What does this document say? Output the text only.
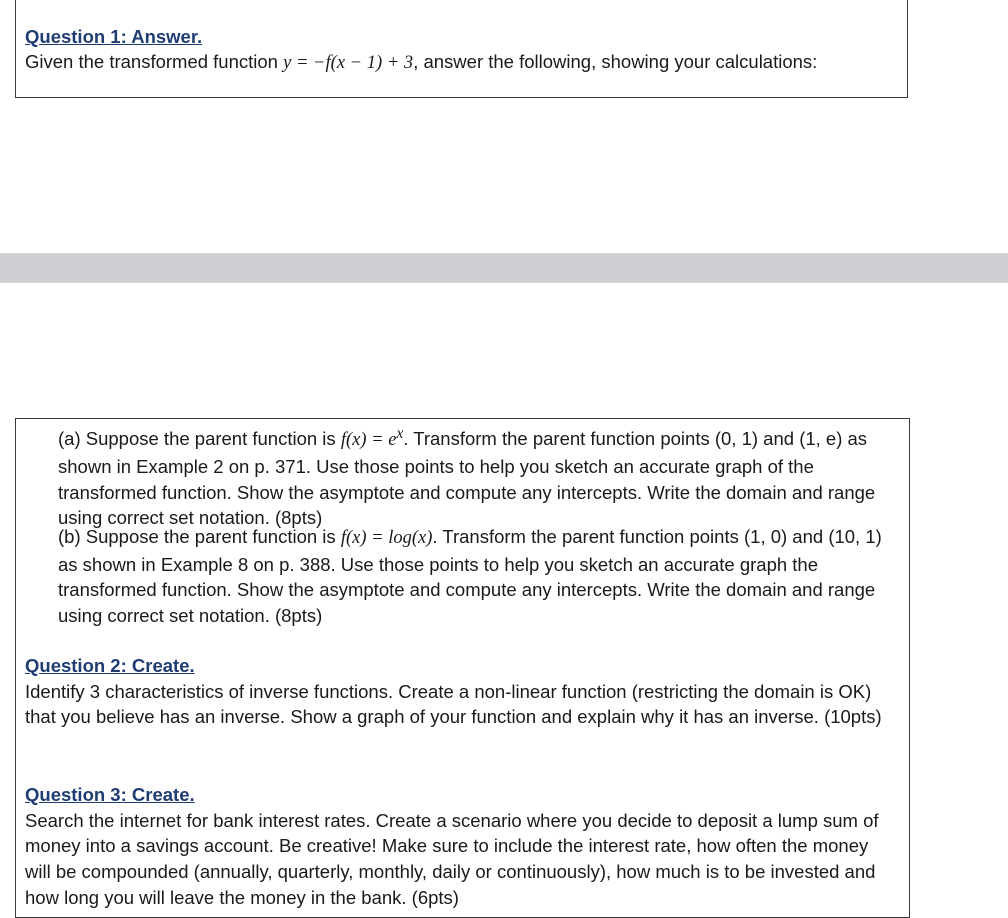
Question 1: Answer.
Given the transformed function y = −f(x − 1) + 3, answer the following, showing your calculations:
(a) Suppose the parent function is $f(x) = e^x$. Transform the parent function points (0, 1) and (1, e) as shown in Example 2 on p. 371. Use those points to help you sketch an accurate graph of the transformed function. Show the asymptote and compute any intercepts. Write the domain and range using correct set notation. (8pts)
(b) Suppose the parent function is f(x) = log(x). Transform the parent function points (1, 0) and (10, 1) as shown in Example 8 on p. 388. Use those points to help you sketch an accurate graph the transformed function. Show the asymptote and compute any intercepts. Write the domain and range using correct set notation. (8pts)
Question 2: Create.
Identify 3 characteristics of inverse functions. Create a non-linear function (restricting the domain is OK) that you believe has an inverse. Show a graph of your function and explain why it has an inverse. (10pts)
Question 3: Create.
Search the internet for bank interest rates. Create a scenario where you decide to deposit a lump sum of money into a savings account. Be creative! Make sure to include the interest rate, how often the money will be compounded (annually, quarterly, monthly, daily or continuously), how much is to be invested and how long you will leave the money in the bank. (6pts)
